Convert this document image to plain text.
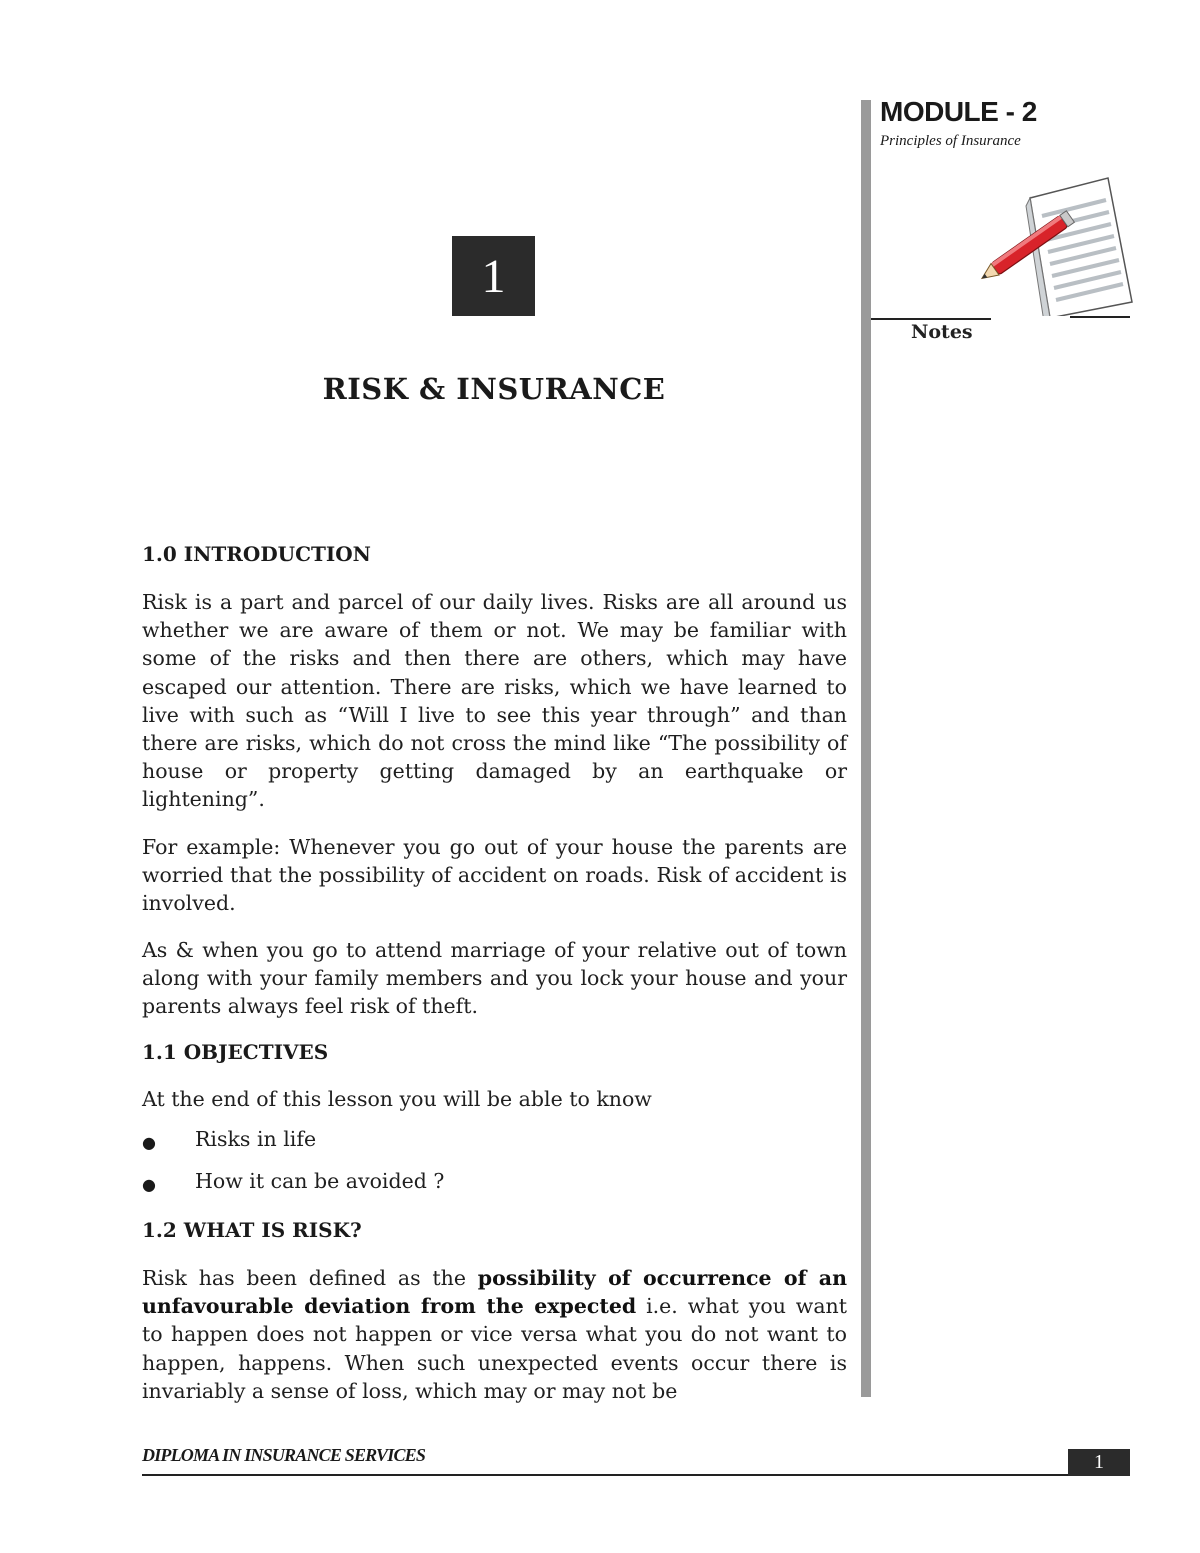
MODULE - 2
Principles of Insurance
Notes
1
RISK & INSURANCE
1.0 INTRODUCTION
Risk is a part and parcel of our daily lives. Risks are all around us whether we are aware of them or not. We may be familiar with some of the risks and then there are others, which may have escaped our attention. There are risks, which we have learned to live with such as “Will I live to see this year through” and than there are risks, which do not cross the mind like “The possibility of house or property getting damaged by an earthquake or lightening”.
For example: Whenever you go out of your house the parents are worried that the possibility of accident on roads. Risk of accident is involved.
As & when you go to attend marriage of your relative out of town along with your family members and you lock your house and your parents always feel risk of theft.
1.1 OBJECTIVES
At the end of this lesson you will be able to know
● Risks in life
● How it can be avoided ?
1.2 WHAT IS RISK?
Risk has been defined as the possibility of occurrence of an unfavourable deviation from the expected i.e. what you want to happen does not happen or vice versa what you do not want to happen, happens. When such unexpected events occur there is invariably a sense of loss, which may or may not be
DIPLOMA IN INSURANCE SERVICES	1
